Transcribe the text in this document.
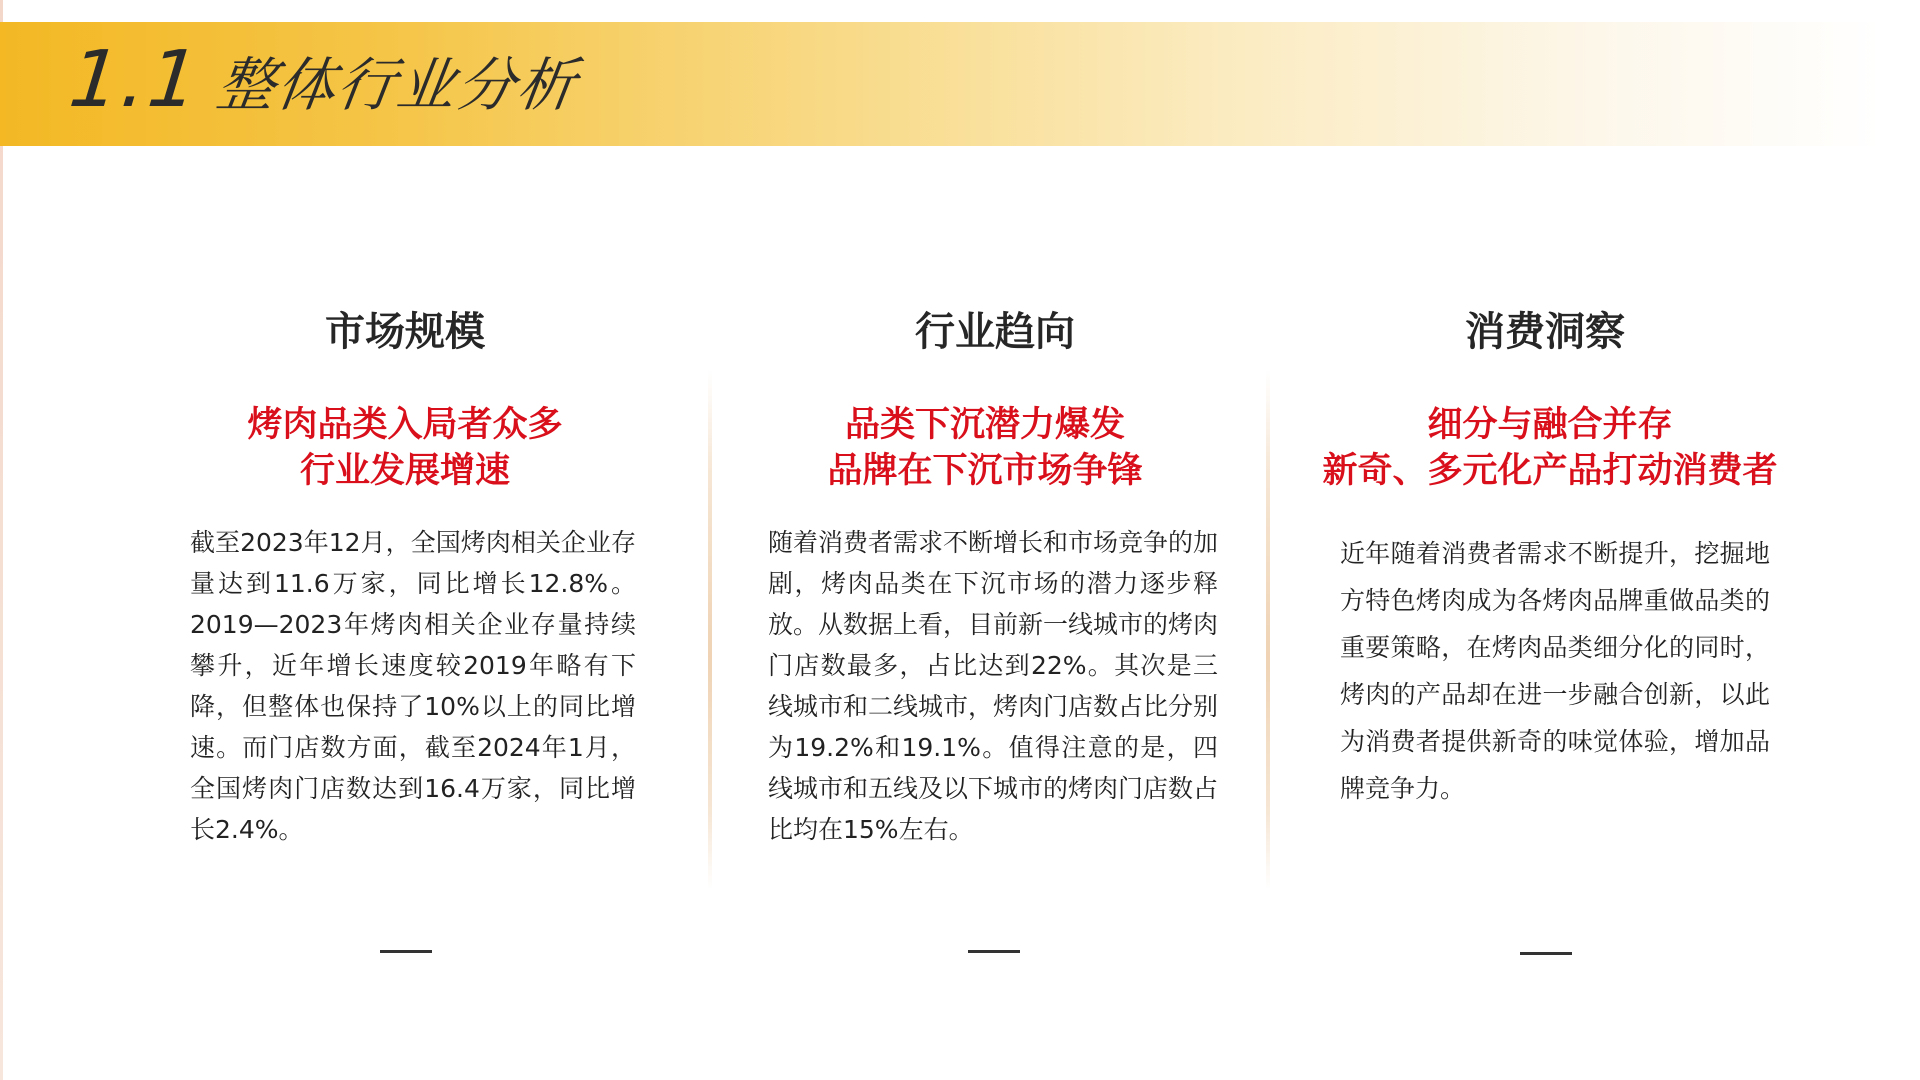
1.1 整体行业分析
市场规模
烤肉品类入局者众多
行业发展增速
截至2023年12月，全国烤肉相关企业存量达到11.6万家，同比增长12.8%。2019—2023年烤肉相关企业存量持续攀升，近年增长速度较2019年略有下降，但整体也保持了10%以上的同比增速。而门店数方面，截至2024年1月，全国烤肉门店数达到16.4万家，同比增长2.4%。
行业趋向
品类下沉潜力爆发
品牌在下沉市场争锋
随着消费者需求不断增长和市场竞争的加剧，烤肉品类在下沉市场的潜力逐步释放。从数据上看，目前新一线城市的烤肉门店数最多，占比达到22%。其次是三线城市和二线城市，烤肉门店数占比分别为19.2%和19.1%。值得注意的是，四线城市和五线及以下城市的烤肉门店数占比均在15%左右。
消费洞察
细分与融合并存
新奇、多元化产品打动消费者
近年随着消费者需求不断提升，挖掘地方特色烤肉成为各烤肉品牌重做品类的重要策略，在烤肉品类细分化的同时，烤肉的产品却在进一步融合创新，以此为消费者提供新奇的味觉体验，增加品牌竞争力。
